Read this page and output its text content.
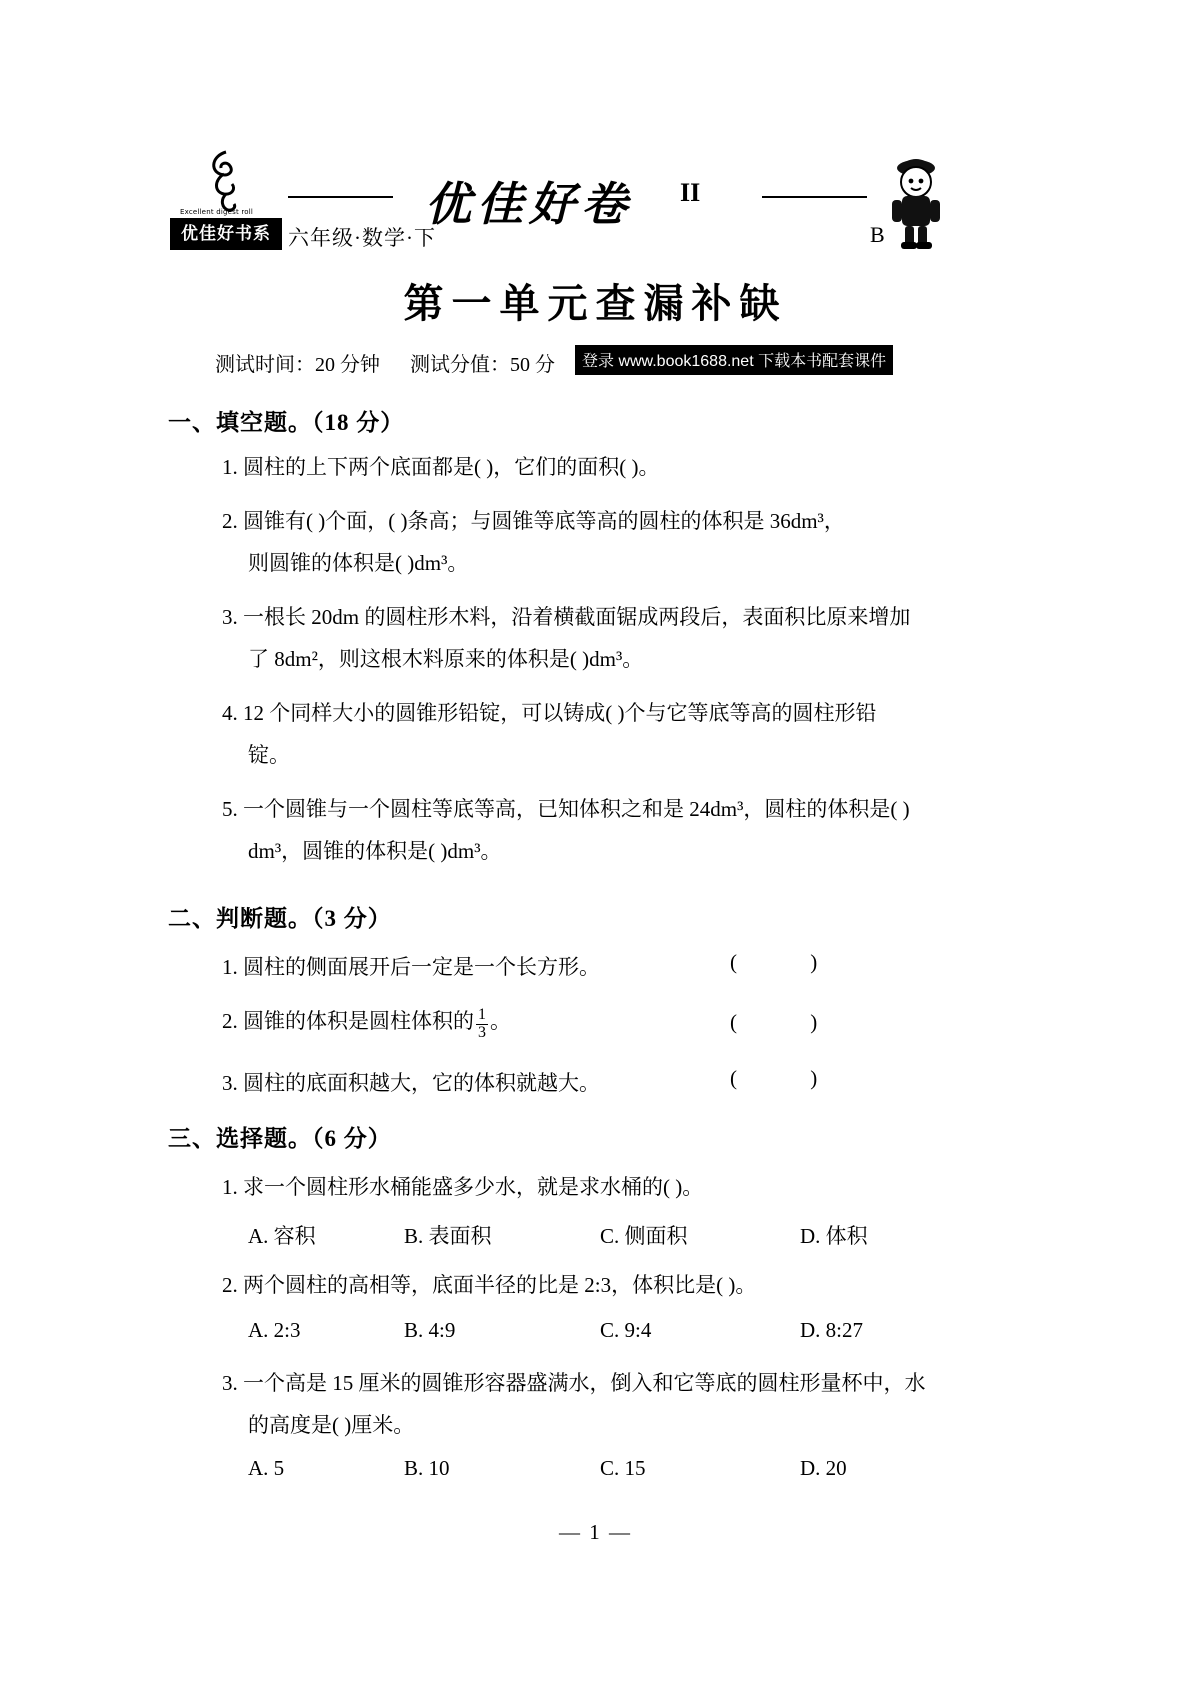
Excellent digest roll
优佳好书系
优佳好卷 II
六年级·数学·下	B
第一单元查漏补缺
测试时间：20 分钟 测试分值：50 分	登录 www.book1688.net 下载本书配套课件
一、填空题。（18 分）
1. 圆柱的上下两个底面都是( )，它们的面积( )。
2. 圆锥有( )个面，( )条高；与圆锥等底等高的圆柱的体积是 36dm³，
则圆锥的体积是( )dm³。
3. 一根长 20dm 的圆柱形木料，沿着横截面锯成两段后，表面积比原来增加
了 8dm²，则这根木料原来的体积是( )dm³。
4. 12 个同样大小的圆锥形铅锭，可以铸成( )个与它等底等高的圆柱形铅
锭。
5. 一个圆锥与一个圆柱等底等高，已知体积之和是 24dm³，圆柱的体积是( )
dm³，圆锥的体积是( )dm³。
二、判断题。（3 分）
1. 圆柱的侧面展开后一定是一个长方形。	( )
2. 圆锥的体积是圆柱体积的 $\frac{1}{3}$ 。	( )
3. 圆柱的底面积越大，它的体积就越大。	( )
三、选择题。（6 分）
1. 求一个圆柱形水桶能盛多少水，就是求水桶的( )。
A. 容积	B. 表面积	C. 侧面积	D. 体积
2. 两个圆柱的高相等，底面半径的比是 2:3，体积比是( )。
A. 2:3	B. 4:9	C. 9:4	D. 8:27
3. 一个高是 15 厘米的圆锥形容器盛满水，倒入和它等底的圆柱形量杯中，水
的高度是( )厘米。
A. 5	B. 10	C. 15	D. 20
— 1 —
